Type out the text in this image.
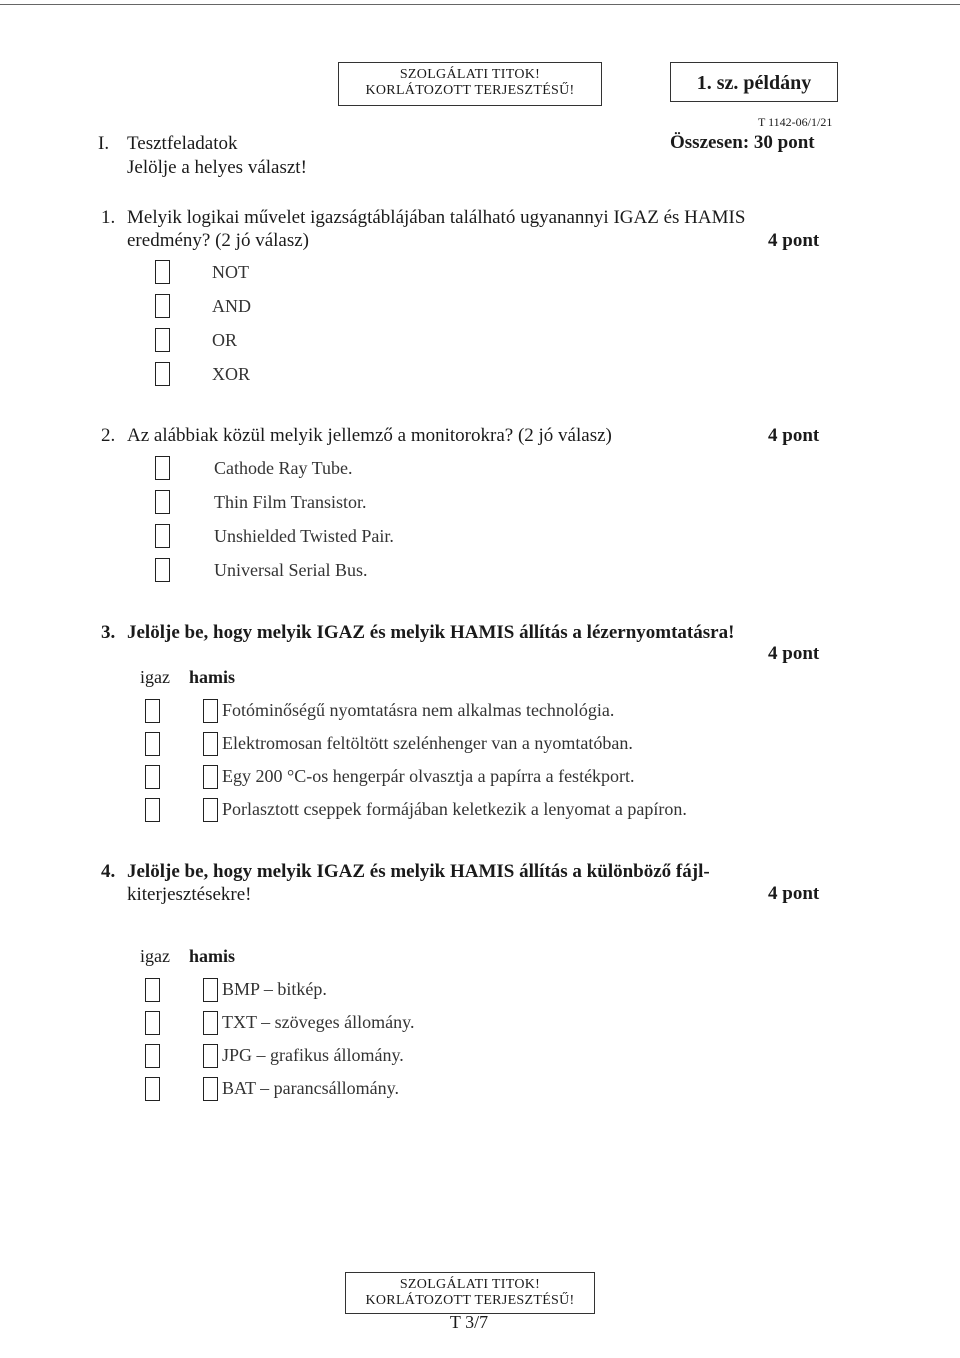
SZOLGÁLATI TITOK!
KORLÁTOZOTT TERJESZTÉSŰ!	1. sz. példány
T 1142-06/1/21
Összesen: 30 pont
I. Tesztfeladatok
Jelölje a helyes választ!
1. Melyik logikai művelet igazságtáblájában található ugyanannyi IGAZ és HAMIS
eredmény? (2 jó válasz)	4 pont
NOT
AND
OR
XOR
2. Az alábbiak közül melyik jellemző a monitorokra? (2 jó válasz)	4 pont
Cathode Ray Tube.
Thin Film Transistor.
Unshielded Twisted Pair.
Universal Serial Bus.
3. Jelölje be, hogy melyik IGAZ és melyik HAMIS állítás a lézernyomtatásra!
4 pont
igaz hamis
Fotóminőségű nyomtatásra nem alkalmas technológia.
Elektromosan feltöltött szelénhenger van a nyomtatóban.
Egy 200 °C-os hengerpár olvasztja a papírra a festékport.
Porlasztott cseppek formájában keletkezik a lenyomat a papíron.
4. Jelölje be, hogy melyik IGAZ és melyik HAMIS állítás a különböző fájl-
kiterjesztésekre!	4 pont
igaz hamis
BMP – bitkép.
TXT – szöveges állomány.
JPG – grafikus állomány.
BAT – parancsállomány.
SZOLGÁLATI TITOK!
KORLÁTOZOTT TERJESZTÉSŰ!
T 3/7
